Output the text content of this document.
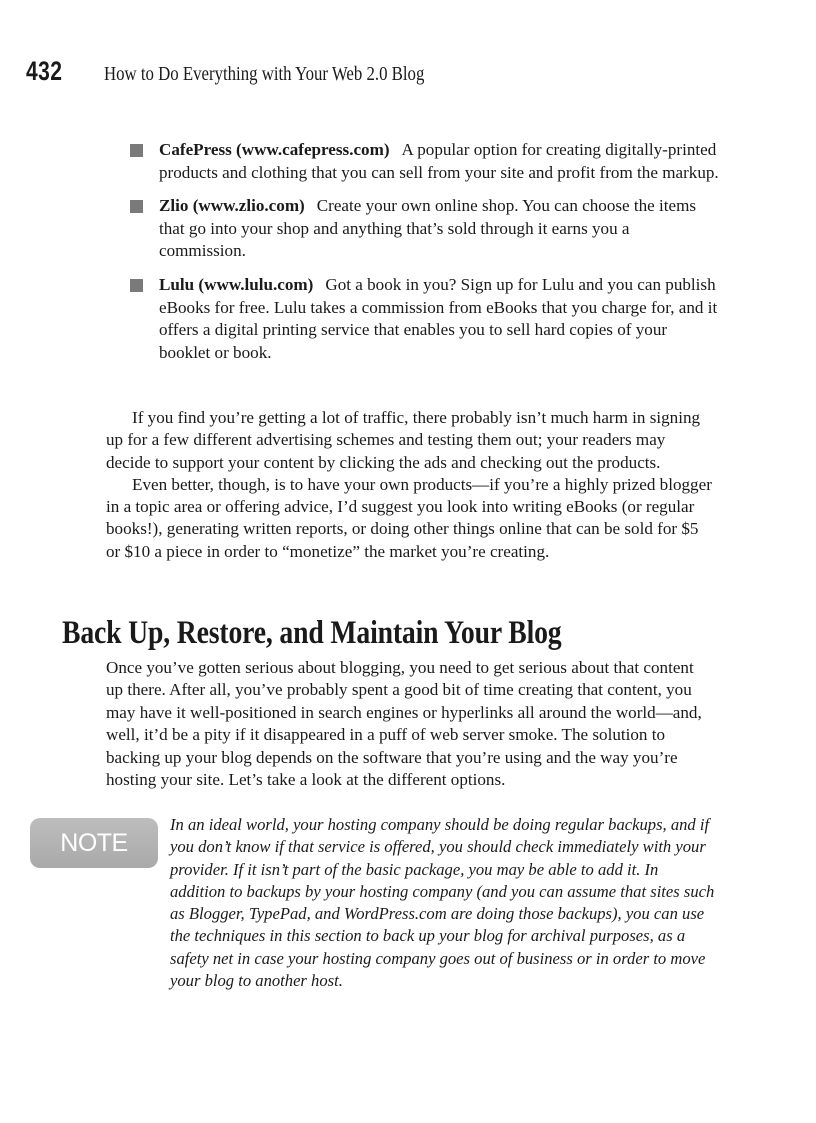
432	How to Do Everything with Your Web 2.0 Blog
CafePress (www.cafepress.com) A popular option for creating digitally-printed products and clothing that you can sell from your site and profit from the markup.
Zlio (www.zlio.com) Create your own online shop. You can choose the items that go into your shop and anything that’s sold through it earns you a commission.
Lulu (www.lulu.com) Got a book in you? Sign up for Lulu and you can publish eBooks for free. Lulu takes a commission from eBooks that you charge for, and it offers a digital printing service that enables you to sell hard copies of your booklet or book.

If you find you’re getting a lot of traffic, there probably isn’t much harm in signing up for a few different advertising schemes and testing them out; your readers may decide to support your content by clicking the ads and checking out the products.

Even better, though, is to have your own products—if you’re a highly prized blogger in a topic area or offering advice, I’d suggest you look into writing eBooks (or regular books!), generating written reports, or doing other things online that can be sold for $5 or $10 a piece in order to “monetize” the market you’re creating.

Back Up, Restore, and Maintain Your Blog

Once you’ve gotten serious about blogging, you need to get serious about that content up there. After all, you’ve probably spent a good bit of time creating that content, you may have it well-positioned in search engines or hyperlinks all around the world—and, well, it’d be a pity if it disappeared in a puff of web server smoke. The solution to backing up your blog depends on the software that you’re using and the way you’re hosting your site. Let’s take a look at the different options.

NOTE

In an ideal world, your hosting company should be doing regular backups, and if you don’t know if that service is offered, you should check immediately with your provider. If it isn’t part of the basic package, you may be able to add it. In addition to backups by your hosting company (and you can assume that sites such as Blogger, TypePad, and WordPress.com are doing those backups), you can use the techniques in this section to back up your blog for archival purposes, as a safety net in case your hosting company goes out of business or in order to move your blog to another host.
